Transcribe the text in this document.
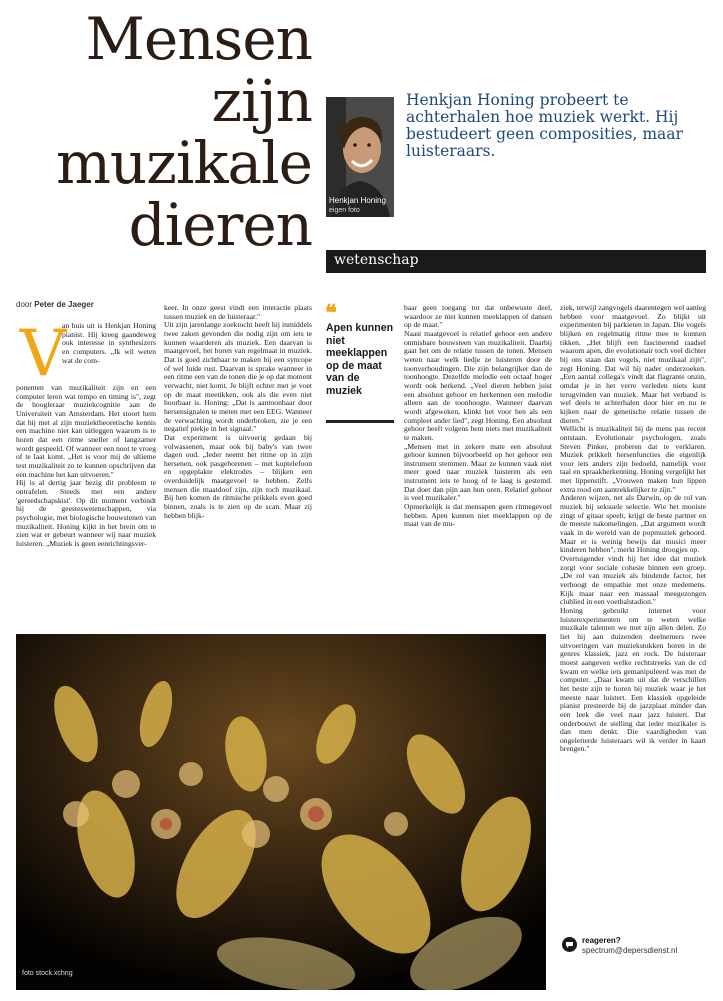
Mensen
zijn
muzikale
dieren Henkjan Honing
eigen foto
Henkjan Honing probeert te achterhalen hoe muziek werkt. Hij bestudeert geen composities, maar luisteraars.
wetenschap
door Peter de Jaeger
V
an huis uit is Henkjan Honing pianist. Hij kreeg gaandeweg ook interesse in synthesizers en computers. „Ik wil weten wat de com-
ponenten van muzikaliteit zijn en een computer leren wat tempo en timing is", zegt de hoogleraar muziekcognitie aan de Universiteit van Amsterdam. Het stoort hem dat hij met al zijn muziektheoretische kennis een machine niet kan uitleggen waarom is te horen dat een ritme sneller of langzamer wordt gespeeld. Of wanneer een noot te vroeg of te laat komt. „Het is voor mij de ultieme test muzikaliteit zo te kunnen opschrijven dat een machine het kan uitvoeren."
Hij is al dertig jaar bezig dit probleem te ontrafelen. Steeds met een andere 'gereedschapskist'. Op dit moment verbindt hij de geesteswetenschappen, via psychologie, met biologische bouwstenen van muzikaliteit. Honing kijkt in het brein om te zien wat er gebeurt wanneer wij naar muziek luisteren. „Muziek is geen eenrichtingsver-
keer. In onze geest vindt een interactie plaats tussen muziek en de luisteraar."
Uit zijn jarenlange zoektocht heeft hij inmiddels twee zaken gevonden die nodig zijn om iets te kunnen waarderen als muziek. Een daarvan is maatgevoel, het horen van regelmaat in muziek. Dat is goed zichtbaar te maken bij een syncope of wel luide rust. Daarvan is sprake wanneer in een ritme een van de tonen die je op dat moment verwacht, niet komt. Je blijft echter met je voet op de maat meetikken, ook als die even niet hoorbaar is. Honing: „Dat is aantoonbaar door hersensignalen te meten met een EEG. Wanneer de verwachting wordt onderbroken, zie je een negatief piekje in het signaal."
Dat experiment is uitvoerig gedaan bij volwassenen, maar ook bij baby's van twee dagen oud. „Ieder neemt het ritme op in zijn hersenen, ook pasgeborenen – met koptelefoon en opgeplakte elektrodes – blijken een overduidelijk maatgevoel te hebben. Zelfs mensen die maatdoof zijn, zijn toch muzikaal. Bij hen komen de ritmische prikkels even goed binnen, zoals is te zien op de scan. Maar zij hebben blijk-
❝
Apen kunnen niet meeklappen op de maat van de muziek
baar geen toegang tot dat onbewuste deel, waardoor ze niet kunnen meeklappen of dansen op de maat."
Naast maatgevoel is relatief gehoor een andere onmisbare bouwsteen van muzikaliteit. Daarbij gaat het om de relatie tussen de tonen. Mensen weten naar welk liedje ze luisteren door de toonverhoudingen. Die zijn belangrijker dan de toonhoogte. Dezelfde melodie een octaaf hoger wordt ook herkend. „Veel dieren hebben juist een absoluut gehoor en herkennen een melodie alleen aan de toonhoogte. Wanneer daarvan wordt afgeweken, klinkt het voor hen als een compleet ander lied", zegt Honing. Een absoluut gehoor heeft volgens hem niets met muzikaliteit te maken.
„Mensen met in zekere mate een absoluut gehoor kunnen bijvoorbeeld op het gehoor een instrument stemmen. Maar ze kunnen vaak niet meer goed naar muziek luisteren als een instrument iets te hoog of te laag is gestemd. Dat doet dan pijn aan hun oren. Relatief gehoor is veel muzikaler."
Opmerkelijk is dat mensapen geen ritmegevoel hebben. Apen kunnen niet meeklappen op de maat van de mu-
ziek, terwijl zangvogels daarentegen wel aanleg hebben voor maatgevoel. Zo blijkt uit experimenten bij parkieten in Japan. Die vogels blijken en regelmatig ritme mee te kunnen tikken. „Het blijft een fascinerend raadsel waarom apen, die evolutionair toch veel dichter bij ons staan dan vogels, niet muzikaal zijn", zegt Honing. Dat wil hij nader onderzoeken. „Een aantal collega's vindt dat flagrante onzin, omdat je in het verre verleden niets kunt terugvinden van muziek. Maar het verband is wel deels te achterhalen door hier en nu te kijken naar de genetische relatie tussen de dieren."
Wellicht is muzikaliteit bij de mens pas recent ontstaan. Evolutionair psychologen, zoals Steven Pinker, proberen dat te verklaren. Muziek prikkelt hersenfuncties die eigenlijk voor iets anders zijn bedoeld, namelijk voor taal en spraakherkenning. Honing vergelijkt het met lippenstift. „Vrouwen maken hun lippen extra rood om aantrekkelijker te zijn."
Anderen wijzen, net als Darwin, op de rol van muziek bij seksuele selectie. Wie het mooiste zingt of gitaar speelt, krijgt de beste partner en de meeste nakomelingen. „Dat argument wordt vaak in de wereld van de popmuziek gehoord. Maar er is weinig bewijs dat musici meer kinderen hebben", merkt Honing droogjes op.
Overtuigender vindt hij het idee dat muziek zorgt voor sociale cohesie binnen een groep. „De rol van muziek als bindende factor, het verhoogt de empathie met onze medemens. Kijk maar naar een massaal meegezongen clublied in een voetbalstadion."
Honing gebruikt internet voor luisterexperimenten om te weten welke muzikale talenten we met zijn allen delen. Zo liet hij aan duizenden deelnemers twee uitvoeringen van muziekstukken horen in de genres klassiek, jazz en rock. De luisteraar moest aangeven welke rechtstreeks van de cd kwam en welke iets gemanipuleerd was met de computer. „Daar kwam uit dat de verschillen het beste zijn te horen bij muziek waar je het meeste naar luistert. Een klassiek opgeleide pianist presteerde bij de jazzplaat minder dan een leek die veel naar jazz luistert. Dat onderbouwt de stelling dat ieder muzikaler is dan men denkt. Die vaardigheden van ongeletterde luisteraars wil ik verder in kaart brengen."
foto stock.xchng
reageren?
spectrum@depersdienst.nl
